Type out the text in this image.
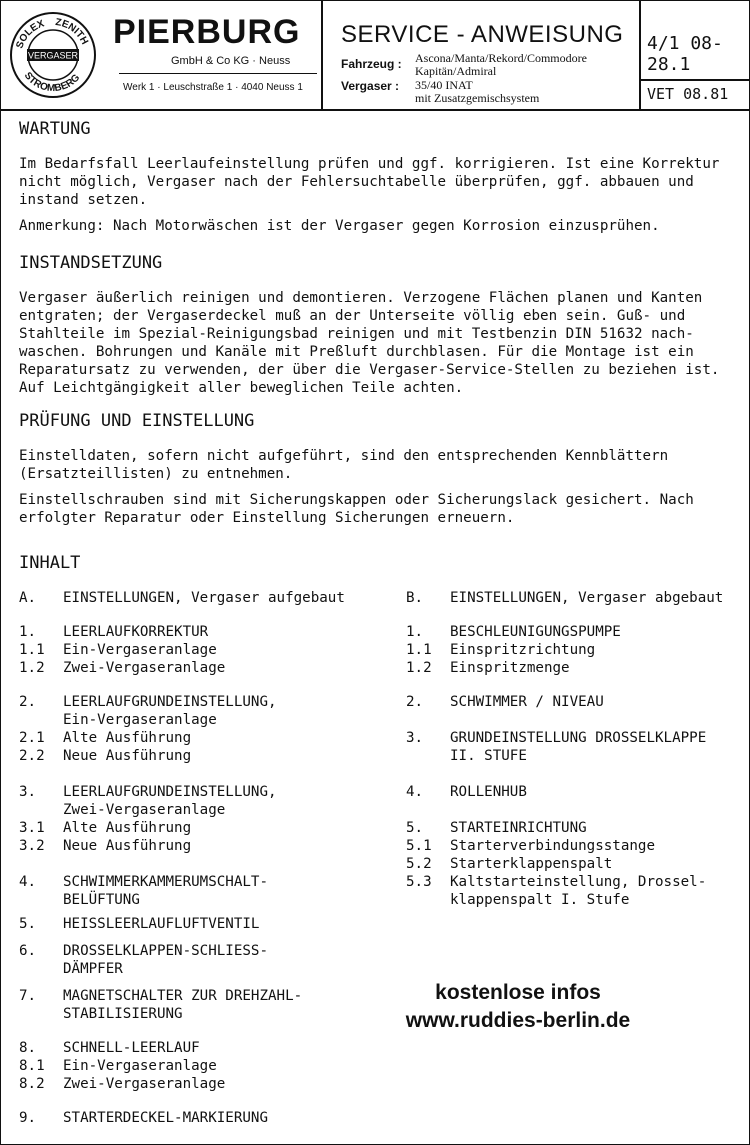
SOLEX ZENITH
VERGASER
STROMBERG
PIERBURG
GmbH & Co KG · Neuss
Werk 1 · Leuschstraße 1 · 4040 Neuss 1
SERVICE - ANWEISUNG
Fahrzeug : Ascona/Manta/Rekord/Commodore
Kapitän/Admiral
Vergaser : 35/40 INAT
mit Zusatzgemischsystem
4/1 08-28.1
VET 08.81
WARTUNG
Im Bedarfsfall Leerlaufeinstellung prüfen und ggf. korrigieren. Ist eine Korrektur
nicht möglich, Vergaser nach der Fehlersuchtabelle überprüfen, ggf. abbauen und
instand setzen.
Anmerkung: Nach Motorwäschen ist der Vergaser gegen Korrosion einzusprühen.
INSTANDSETZUNG
Vergaser äußerlich reinigen und demontieren. Verzogene Flächen planen und Kanten
entgraten; der Vergaserdeckel muß an der Unterseite völlig eben sein. Guß- und
Stahlteile im Spezial-Reinigungsbad reinigen und mit Testbenzin DIN 51632 nach-
waschen. Bohrungen und Kanäle mit Preßluft durchblasen. Für die Montage ist ein
Reparatursatz zu verwenden, der über die Vergaser-Service-Stellen zu beziehen ist.
Auf Leichtgängigkeit aller beweglichen Teile achten.
PRÜFUNG UND EINSTELLUNG
Einstelldaten, sofern nicht aufgeführt, sind den entsprechenden Kennblättern
(Ersatzteillisten) zu entnehmen.
Einstellschrauben sind mit Sicherungskappen oder Sicherungslack gesichert. Nach
erfolgter Reparatur oder Einstellung Sicherungen erneuern.
INHALT
A. EINSTELLUNGEN, Vergaser aufgebaut
1. LEERLAUFKORREKTUR
1.1 Ein-Vergaseranlage
1.2 Zwei-Vergaseranlage
2. LEERLAUFGRUNDEINSTELLUNG,
Ein-Vergaseranlage
2.1 Alte Ausführung
2.2 Neue Ausführung
3. LEERLAUFGRUNDEINSTELLUNG,
Zwei-Vergaseranlage
3.1 Alte Ausführung
3.2 Neue Ausführung
4. SCHWIMMERKAMMERUMSCHALT-
BELÜFTUNG
5. HEISSLEERLAUFLUFTVENTIL
6. DROSSELKLAPPEN-SCHLIESS-
DÄMPFER
7. MAGNETSCHALTER ZUR DREHZAHL-
STABILISIERUNG
8. SCHNELL-LEERLAUF
8.1 Ein-Vergaseranlage
8.2 Zwei-Vergaseranlage
9. STARTERDECKEL-MARKIERUNG
B. EINSTELLUNGEN, Vergaser abgebaut
1. BESCHLEUNIGUNGSPUMPE
1.1 Einspritzrichtung
1.2 Einspritzmenge
2. SCHWIMMER / NIVEAU
3. GRUNDEINSTELLUNG DROSSELKLAPPE
II. STUFE
4. ROLLENHUB
5. STARTEINRICHTUNG
5.1 Starterverbindungsstange
5.2 Starterklappenspalt
5.3 Kaltstarteinstellung, Drossel-
klappenspalt I. Stufe
kostenlose infos
www.ruddies-berlin.de
